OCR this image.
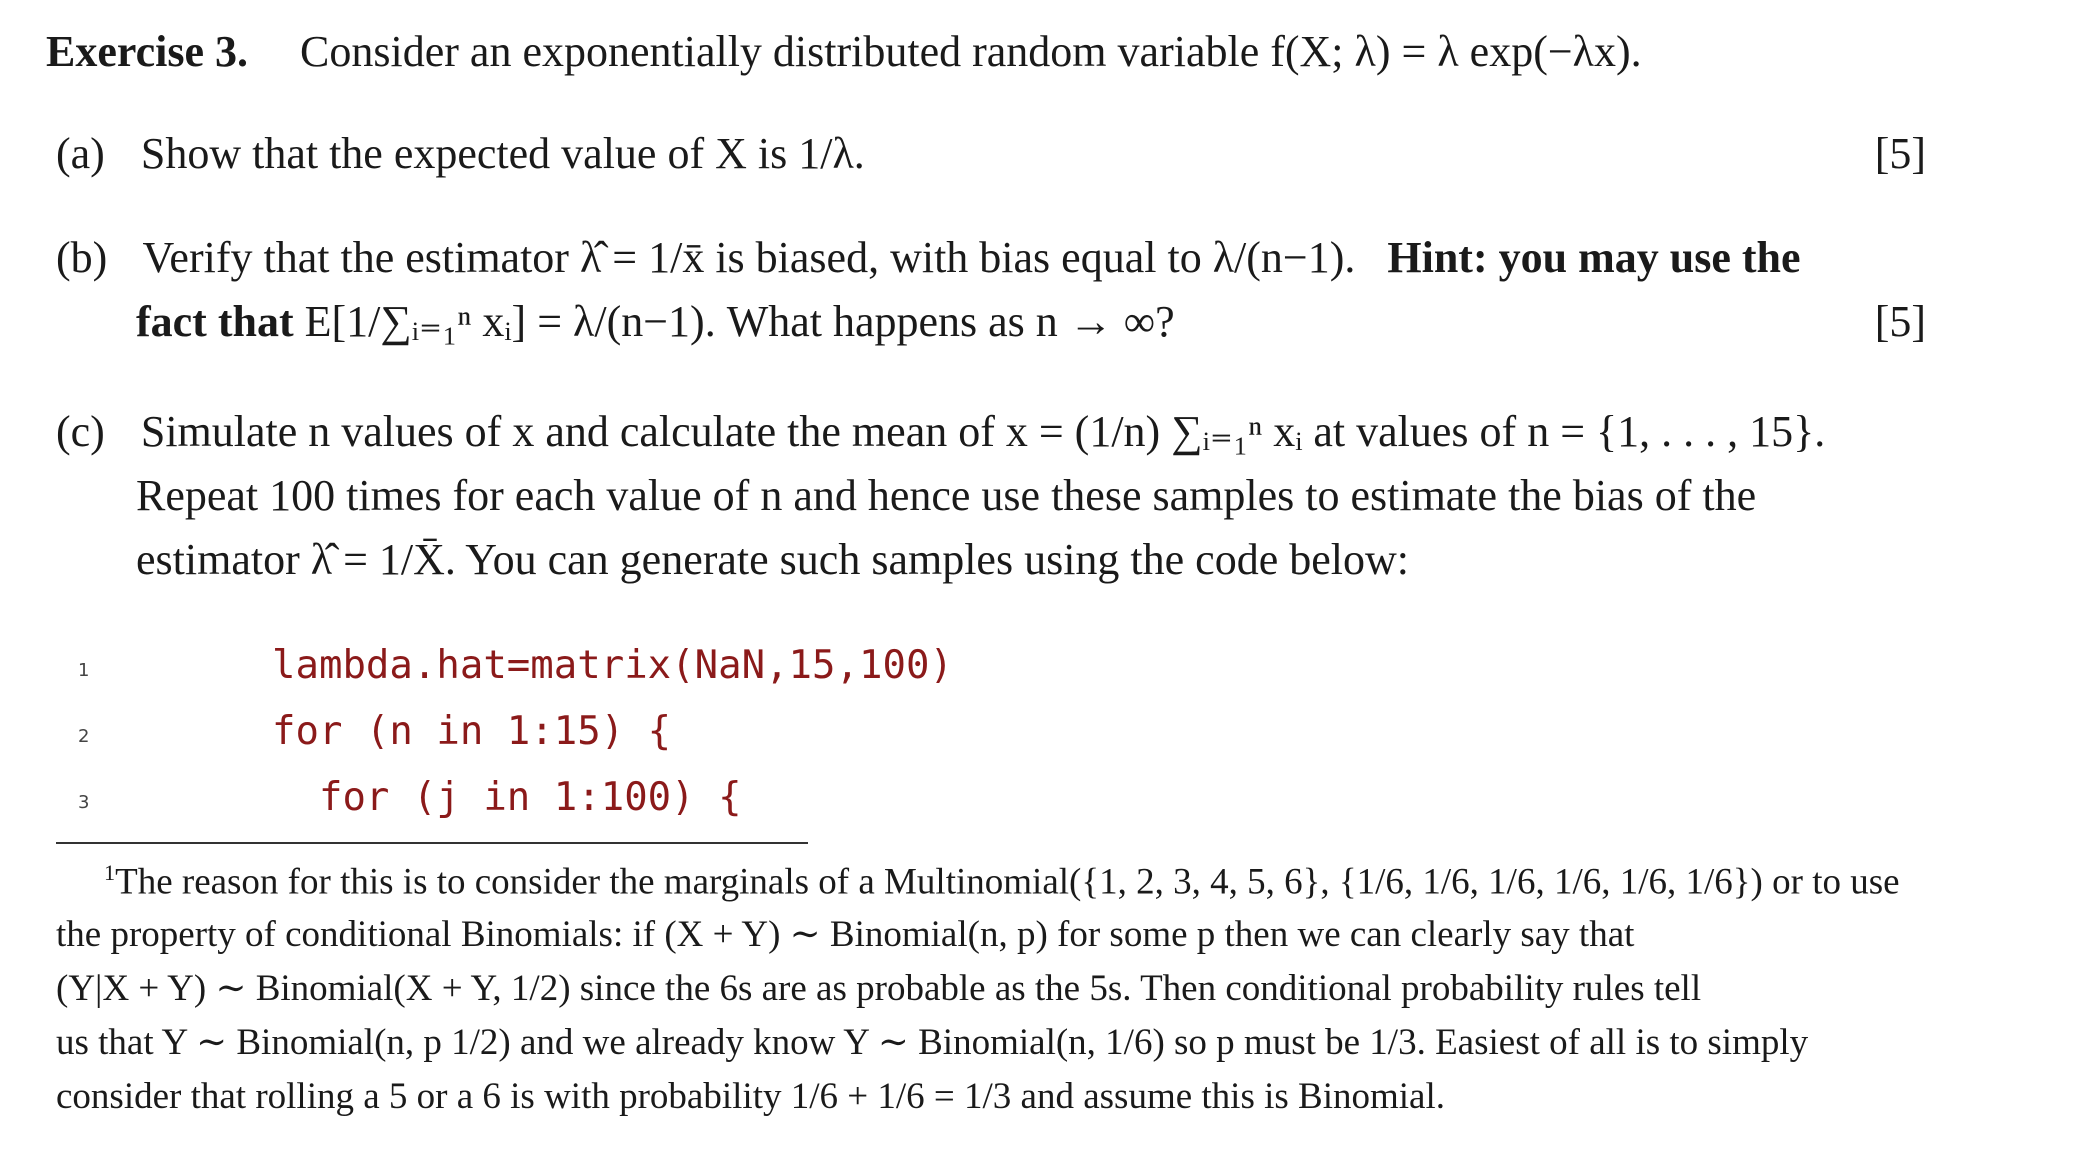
Exercise 3. Consider an exponentially distributed random variable f(X; λ) = λ exp(−λx).
(a) Show that the expected value of X is 1/λ.	[5]
(b) Verify that the estimator λ̂ = 1/x̄ is biased, with bias equal to λ/(n−1). Hint: you may use the
fact that E[1/∑ᵢ₌₁ⁿ xᵢ] = λ/(n−1). What happens as n → ∞?	[5]
(c) Simulate n values of x and calculate the mean of x = (1/n) ∑ᵢ₌₁ⁿ xᵢ at values of n = {1, . . . , 15}.
Repeat 100 times for each value of n and hence use these samples to estimate the bias of the
estimator λ̂ = 1/X̄. You can generate such samples using the code below:
1	lambda.hat=matrix(NaN,15,100)
2	for (n in 1:15) {
3	for (j in 1:100) {
$^1$The reason for this is to consider the marginals of a Multinomial({1, 2, 3, 4, 5, 6}, {1/6, 1/6, 1/6, 1/6, 1/6, 1/6}) or to use
the property of conditional Binomials: if (X + Y) ∼ Binomial(n, p) for some p then we can clearly say that
(Y|X + Y) ∼ Binomial(X + Y, 1/2) since the 6s are as probable as the 5s. Then conditional probability rules tell
us that Y ∼ Binomial(n, p 1/2) and we already know Y ∼ Binomial(n, 1/6) so p must be 1/3. Easiest of all is to simply
consider that rolling a 5 or a 6 is with probability 1/6 + 1/6 = 1/3 and assume this is Binomial.
